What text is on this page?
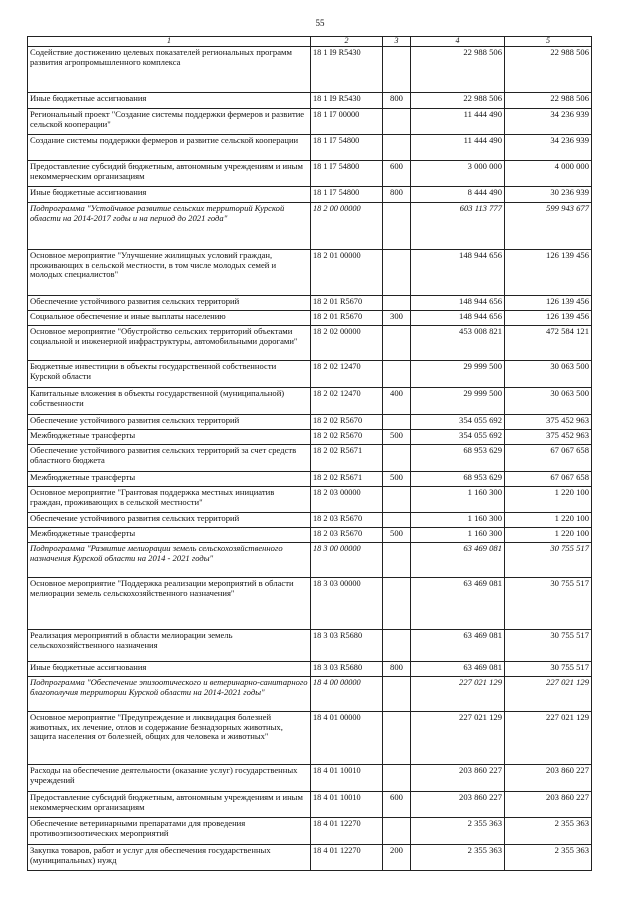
55
1	2	3	4	5
Содействие достижению целевых показателей региональных программ развития агропромышленного комплекса	18 1 I9 R5430		22 988 506	22 988 506
Иные бюджетные ассигнования	18 1 I9 R5430	800	22 988 506	22 988 506
Региональный проект "Создание системы поддержки фермеров и развитие сельской кооперации"	18 1 I7 00000		11 444 490	34 236 939
Создание системы поддержки фермеров и развитие сельской кооперации	18 1 I7 54800		11 444 490	34 236 939
Предоставление субсидий бюджетным, автономным учреждениям и иным некоммерческим организациям	18 1 I7 54800	600	3 000 000	4 000 000
Иные бюджетные ассигнования	18 1 I7 54800	800	8 444 490	30 236 939
Подпрограмма "Устойчивое развитие сельских территорий Курской области на 2014-2017 годы и на период до 2021 года"	18 2 00 00000		603 113 777	599 943 677
Основное мероприятие "Улучшение жилищных условий граждан, проживающих в сельской местности, в том числе молодых семей и молодых специалистов"	18 2 01 00000		148 944 656	126 139 456
Обеспечение устойчивого развития сельских территорий	18 2 01 R5670		148 944 656	126 139 456
Социальное обеспечение и иные выплаты населению	18 2 01 R5670	300	148 944 656	126 139 456
Основное мероприятие "Обустройство сельских территорий объектами социальной и инженерной инфраструктуры, автомобильными дорогами"	18 2 02 00000		453 008 821	472 584 121
Бюджетные инвестиции в объекты государственной собственности Курской области	18 2 02 12470		29 999 500	30 063 500
Капитальные вложения в объекты государственной (муниципальной) собственности	18 2 02 12470	400	29 999 500	30 063 500
Обеспечение устойчивого развития сельских территорий	18 2 02 R5670		354 055 692	375 452 963
Межбюджетные трансферты	18 2 02 R5670	500	354 055 692	375 452 963
Обеспечение устойчивого развития сельских территорий за счет средств областного бюджета	18 2 02 R5671		68 953 629	67 067 658
Межбюджетные трансферты	18 2 02 R5671	500	68 953 629	67 067 658
Основное мероприятие "Грантовая поддержка местных инициатив граждан, проживающих в сельской местности"	18 2 03 00000		1 160 300	1 220 100
Обеспечение устойчивого развития сельских территорий	18 2 03 R5670		1 160 300	1 220 100
Межбюджетные трансферты	18 2 03 R5670	500	1 160 300	1 220 100
Подпрограмма "Развитие мелиорации земель сельскохозяйственного назначения Курской области на 2014 - 2021 годы"	18 3 00 00000		63 469 081	30 755 517
Основное мероприятие "Поддержка реализации мероприятий в области мелиорации земель сельскохозяйственного назначения"	18 3 03 00000		63 469 081	30 755 517
Реализация мероприятий в области мелиорации земель сельскохозяйственного назначения	18 3 03 R5680		63 469 081	30 755 517
Иные бюджетные ассигнования	18 3 03 R5680	800	63 469 081	30 755 517
Подпрограмма "Обеспечение эпизоотического и ветеринарно-санитарного благополучия территории Курской области на 2014-2021 годы"	18 4 00 00000		227 021 129	227 021 129
Основное мероприятие "Предупреждение и ликвидация болезней животных, их лечение, отлов и содержание безнадзорных животных, защита населения от болезней, общих для человека и животных"	18 4 01 00000		227 021 129	227 021 129
Расходы на обеспечение деятельности (оказание услуг) государственных учреждений	18 4 01 10010		203 860 227	203 860 227
Предоставление субсидий бюджетным, автономным учреждениям и иным некоммерческим организациям	18 4 01 10010	600	203 860 227	203 860 227
Обеспечение ветеринарными препаратами для проведения противоэпизоотических мероприятий	18 4 01 12270		2 355 363	2 355 363
Закупка товаров, работ и услуг для обеспечения государственных (муниципальных) нужд	18 4 01 12270	200	2 355 363	2 355 363
